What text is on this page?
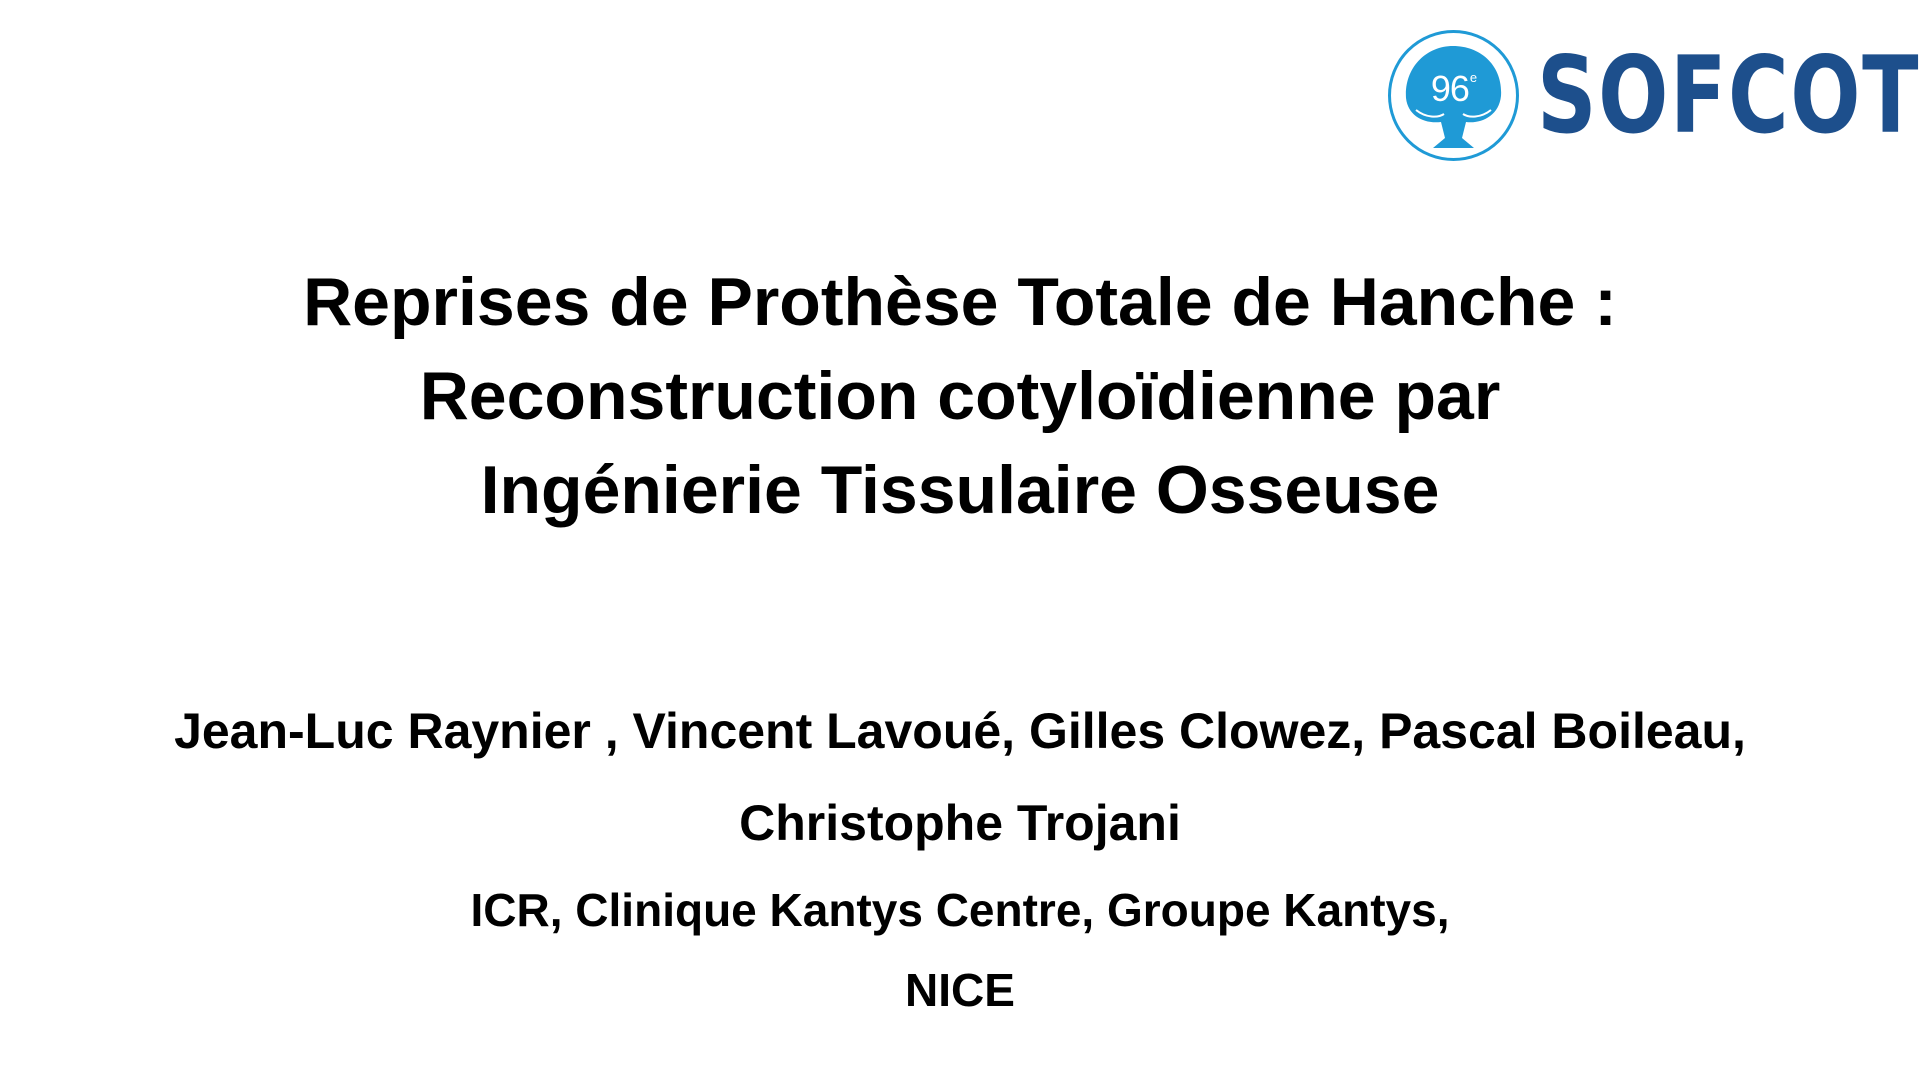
96e SOFCOT
Reprises de Prothèse Totale de Hanche :
Reconstruction cotyloïdienne par
Ingénierie Tissulaire Osseuse

Jean-Luc Raynier , Vincent Lavoué, Gilles Clowez, Pascal Boileau,
Christophe Trojani

ICR, Clinique Kantys Centre, Groupe Kantys,
NICE
